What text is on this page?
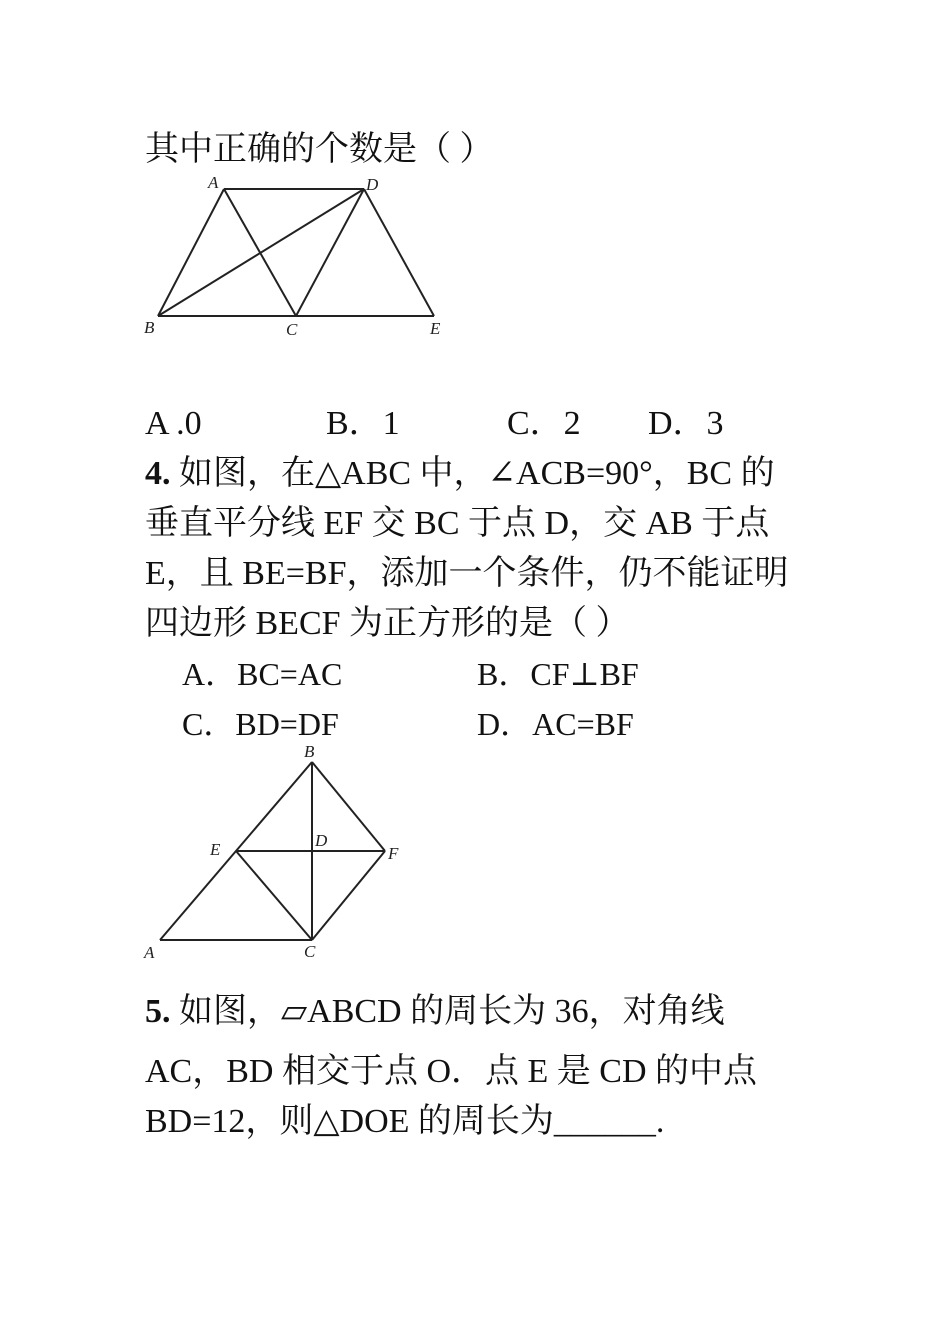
其中正确的个数是（ ）
A	D
B	C	E
A .0	B．1	C．2 D．3
4. 如图，在△ABC 中，∠ACB=90°，BC 的
垂直平分线 EF 交 BC 于点 D，交 AB 于点
E，且 BE=BF，添加一个条件，仍不能证明
四边形 BECF 为正方形的是（ ）
A．BC=AC	B．CF⊥BF
C．BD=DF	D．AC=BF
B
E	D
F
A	C
5. 如图，▱ABCD 的周长为 36，对角线
AC，BD 相交于点 O．点 E 是 CD 的中点
BD=12，则△DOE 的周长为______.
